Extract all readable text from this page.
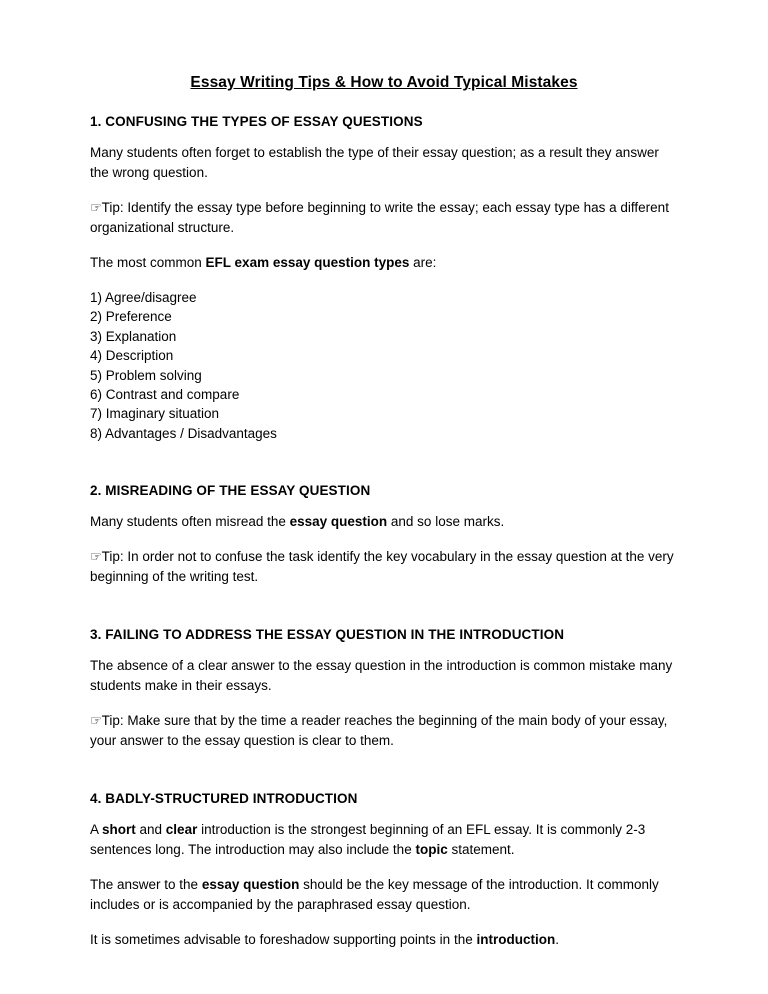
Essay Writing Tips & How to Avoid Typical Mistakes
1. CONFUSING THE TYPES OF ESSAY QUESTIONS

Many students often forget to establish the type of their essay question; as a result they answer the wrong question.

☞Tip: Identify the essay type before beginning to write the essay; each essay type has a different organizational structure.

The most common EFL exam essay question types are:

1) Agree/disagree
2) Preference
3) Explanation
4) Description
5) Problem solving
6) Contrast and compare
7) Imaginary situation
8) Advantages / Disadvantages
2. MISREADING OF THE ESSAY QUESTION

Many students often misread the essay question and so lose marks.

☞Tip: In order not to confuse the task identify the key vocabulary in the essay question at the very beginning of the writing test.

3. FAILING TO ADDRESS THE ESSAY QUESTION IN THE INTRODUCTION

The absence of a clear answer to the essay question in the introduction is common mistake many students make in their essays.

☞Tip: Make sure that by the time a reader reaches the beginning of the main body of your essay, your answer to the essay question is clear to them.

4. BADLY-STRUCTURED INTRODUCTION

A short and clear introduction is the strongest beginning of an EFL essay. It is commonly 2-3 sentences long. The introduction may also include the topic statement.

The answer to the essay question should be the key message of the introduction. It commonly includes or is accompanied by the paraphrased essay question.

It is sometimes advisable to foreshadow supporting points in the introduction.
